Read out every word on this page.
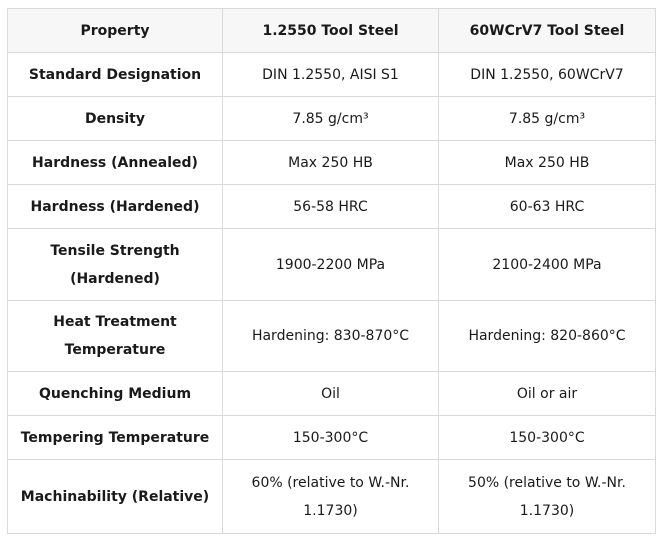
Property	1.2550 Tool Steel	60WCrV7 Tool Steel
Standard Designation	DIN 1.2550, AISI S1	DIN 1.2550, 60WCrV7
Density	7.85 g/cm³	7.85 g/cm³
Hardness (Annealed)	Max 250 HB	Max 250 HB
Hardness (Hardened)	56-58 HRC	60-63 HRC
Tensile Strength (Hardened)	1900-2200 MPa	2100-2400 MPa
Heat Treatment Temperature	Hardening: 830-870°C	Hardening: 820-860°C
Quenching Medium	Oil	Oil or air
Tempering Temperature	150-300°C	150-300°C
Machinability (Relative)	60% (relative to W.-Nr. 1.1730)	50% (relative to W.-Nr. 1.1730)
